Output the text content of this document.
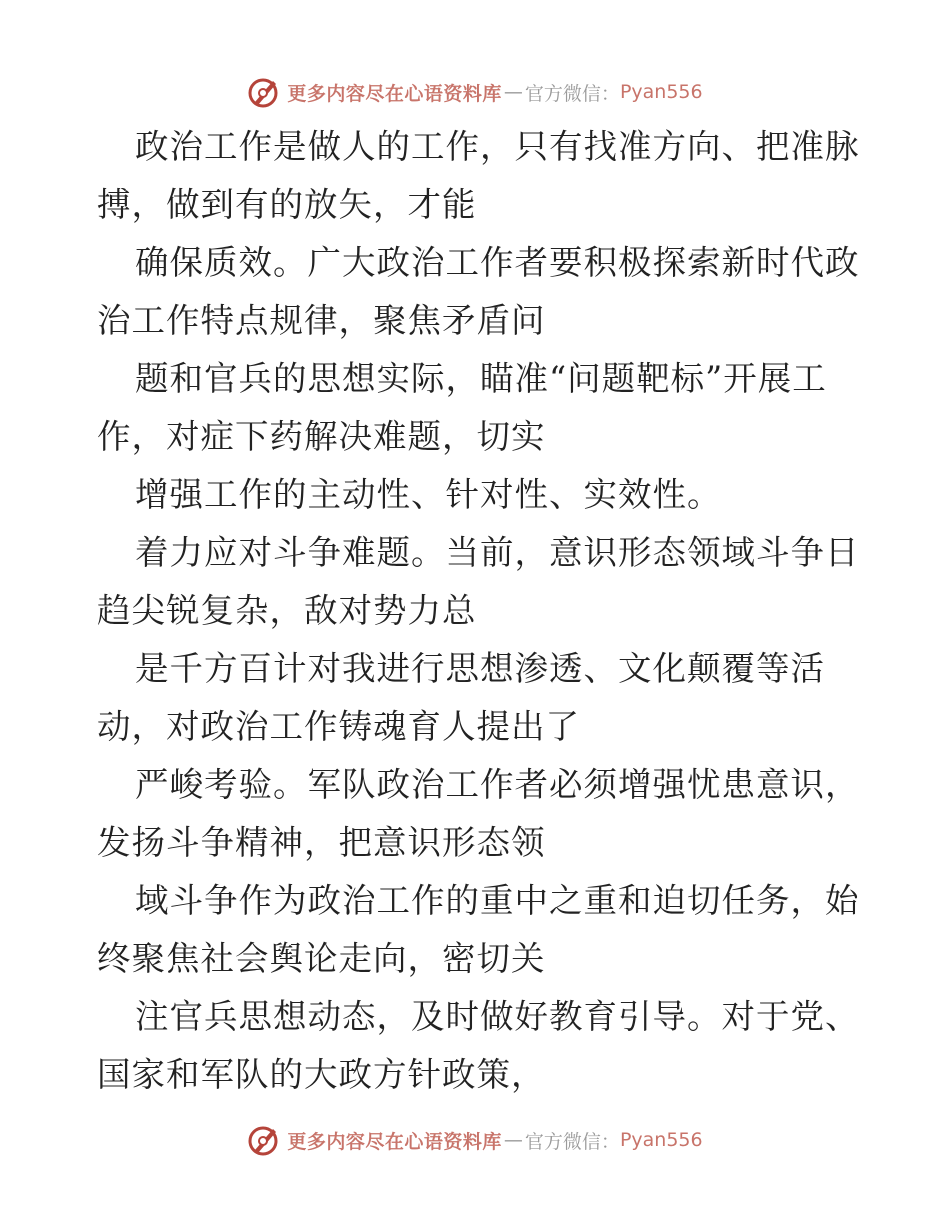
更多内容尽在心语资料库 — 官方微信： Pyan556
政治工作是做人的工作，只有找准方向、把准脉
搏，做到有的放矢，才能
确保质效。广大政治工作者要积极探索新时代政
治工作特点规律，聚焦矛盾问
题和官兵的思想实际，瞄准“问题靶标”开展工
作，对症下药解决难题，切实
增强工作的主动性、针对性、实效性。
着力应对斗争难题。当前，意识形态领域斗争日
趋尖锐复杂，敌对势力总
是千方百计对我进行思想渗透、文化颠覆等活
动，对政治工作铸魂育人提出了
严峻考验。军队政治工作者必须增强忧患意识，
发扬斗争精神，把意识形态领
域斗争作为政治工作的重中之重和迫切任务，始
终聚焦社会舆论走向，密切关
注官兵思想动态，及时做好教育引导。对于党、
国家和军队的大政方针政策，
更多内容尽在心语资料库 — 官方微信： Pyan556
